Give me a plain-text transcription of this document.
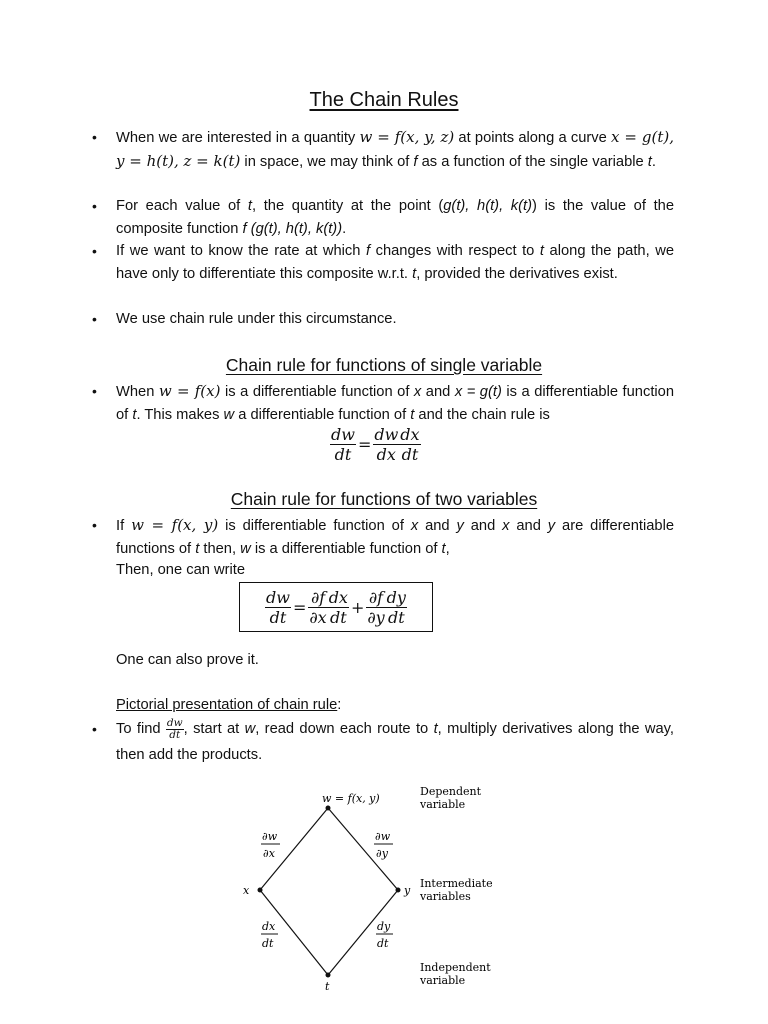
The Chain Rules
• When we are interested in a quantity w = f(x, y, z) at points along a curve x = g(t), y = h(t), z = k(t) in space, we may think of f as a function of the single variable t.
• For each value of t, the quantity at the point (g(t), h(t), k(t)) is the value of the composite function f (g(t), h(t), k(t)).
• If we want to know the rate at which f changes with respect to t along the path, we have only to differentiate this composite w.r.t. t, provided the derivatives exist.
• We use chain rule under this circumstance.
Chain rule for functions of single variable
• When w = f(x) is a differentiable function of x and x = g(t) is a differentiable function of t. This makes w a differentiable function of t and the chain rule is
$\frac{dw}{dt} = \frac{dw}{dx} \frac{dx}{dt}$
Chain rule for functions of two variables
• If w = f(x, y) is differentiable function of x and y and x and y are differentiable functions of t then, w is a differentiable function of t,
Then, one can write
$\frac{dw}{dt} = \frac{\partial f}{\partial x} \frac{dx}{dt} + \frac{\partial f}{\partial y} \frac{dy}{dt}$
One can also prove it.
Pictorial presentation of chain rule:
• To find $\frac{dw}{dt}$ , start at w, read down each route to t, multiply derivatives along the way, then add the products.
w = f(x, y)
x	y
t
∂w
∂x
∂w
∂y
dx
dt
dy
dt
Dependent
variable
Intermediate
variables
Independent
variable
